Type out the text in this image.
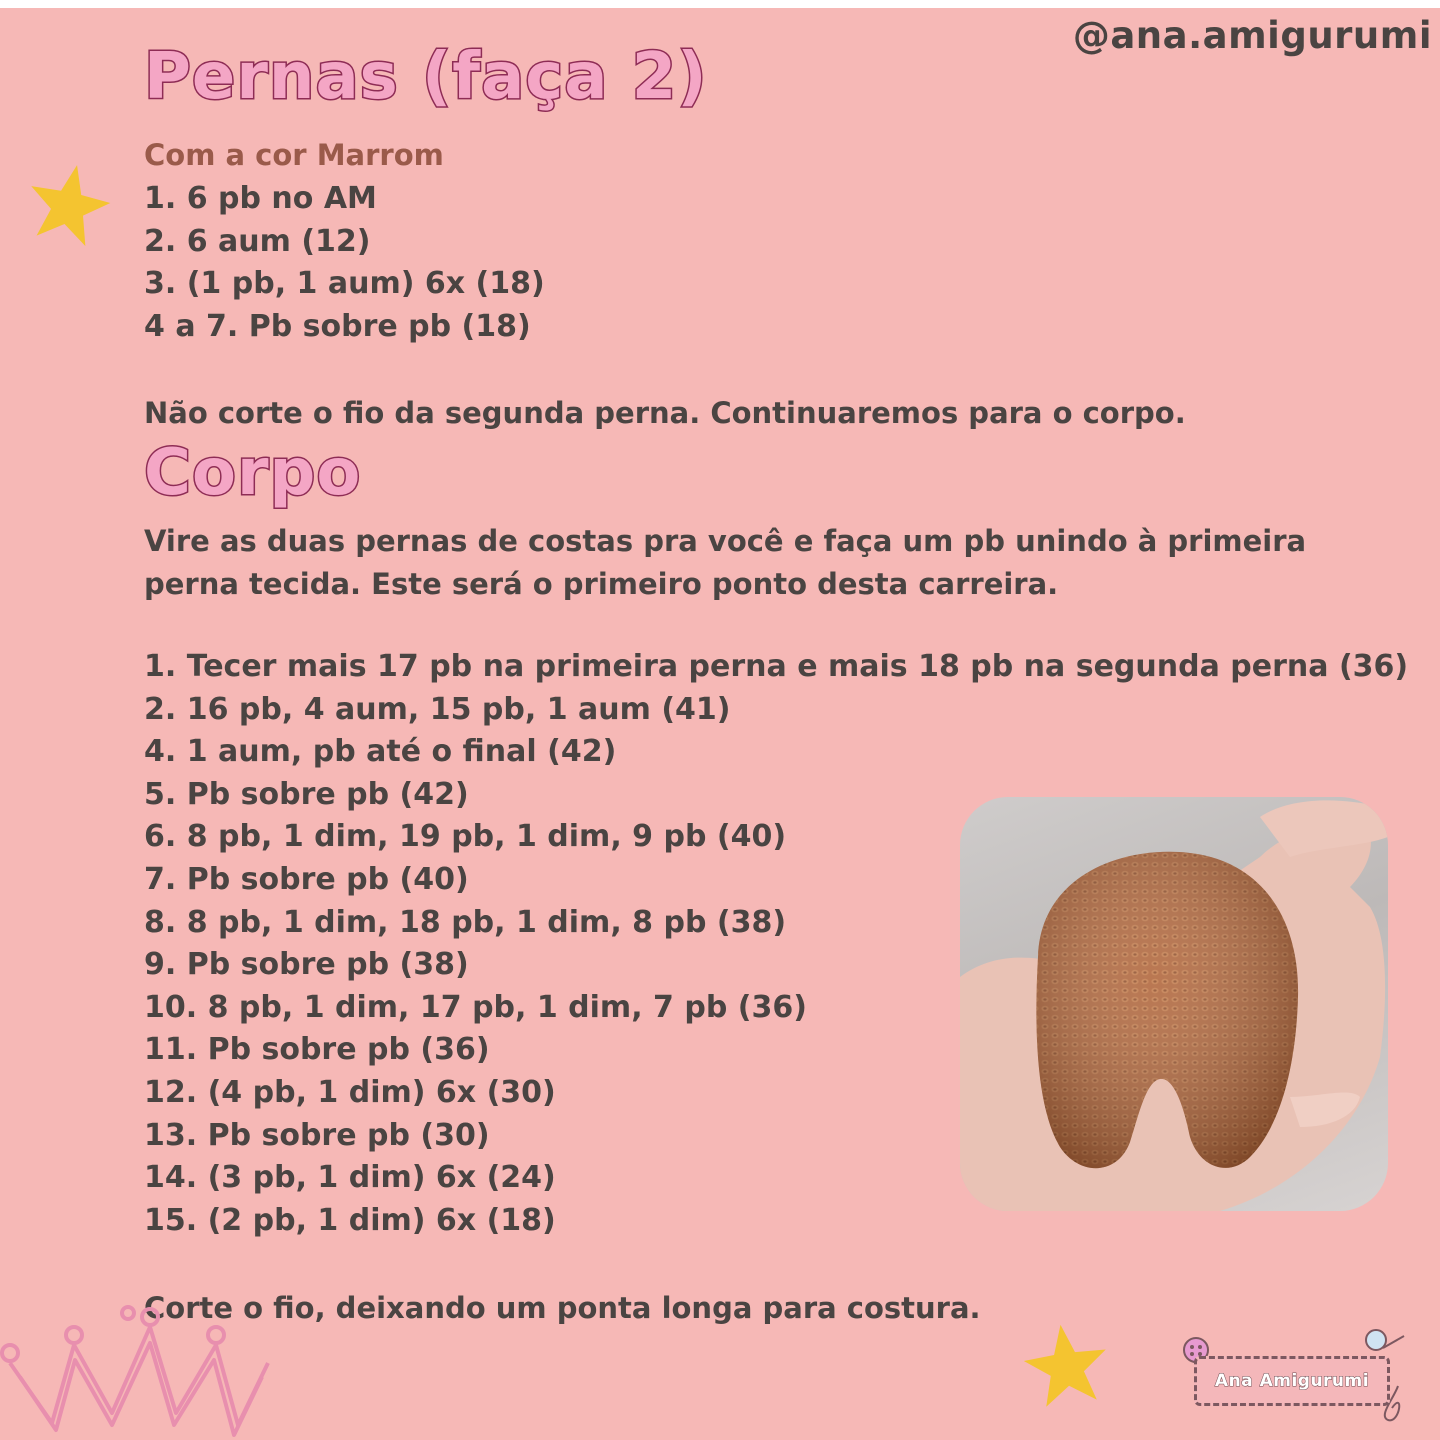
@ana.amigurumi
Pernas (faça 2)
Com a cor Marrom
1. 6 pb no AM
2. 6 aum (12)
3. (1 pb, 1 aum) 6x (18)
4 a 7. Pb sobre pb (18)

Não corte o fio da segunda perna. Continuaremos para o corpo.

Corpo

Vire as duas pernas de costas pra você e faça um pb unindo à primeira perna tecida. Este será o primeiro ponto desta carreira.

1. Tecer mais 17 pb na primeira perna e mais 18 pb na segunda perna (36)
2. 16 pb, 4 aum, 15 pb, 1 aum (41)
4. 1 aum, pb até o final (42)
5. Pb sobre pb (42)
6. 8 pb, 1 dim, 19 pb, 1 dim, 9 pb (40)
7. Pb sobre pb (40)
8. 8 pb, 1 dim, 18 pb, 1 dim, 8 pb (38)
9. Pb sobre pb (38)
10. 8 pb, 1 dim, 17 pb, 1 dim, 7 pb (36)
11. Pb sobre pb (36)
12. (4 pb, 1 dim) 6x (30)
13. Pb sobre pb (30)
14. (3 pb, 1 dim) 6x (24)
15. (2 pb, 1 dim) 6x (18)

Corte o fio, deixando um ponta longa para costura.

Ana Amigurumi
